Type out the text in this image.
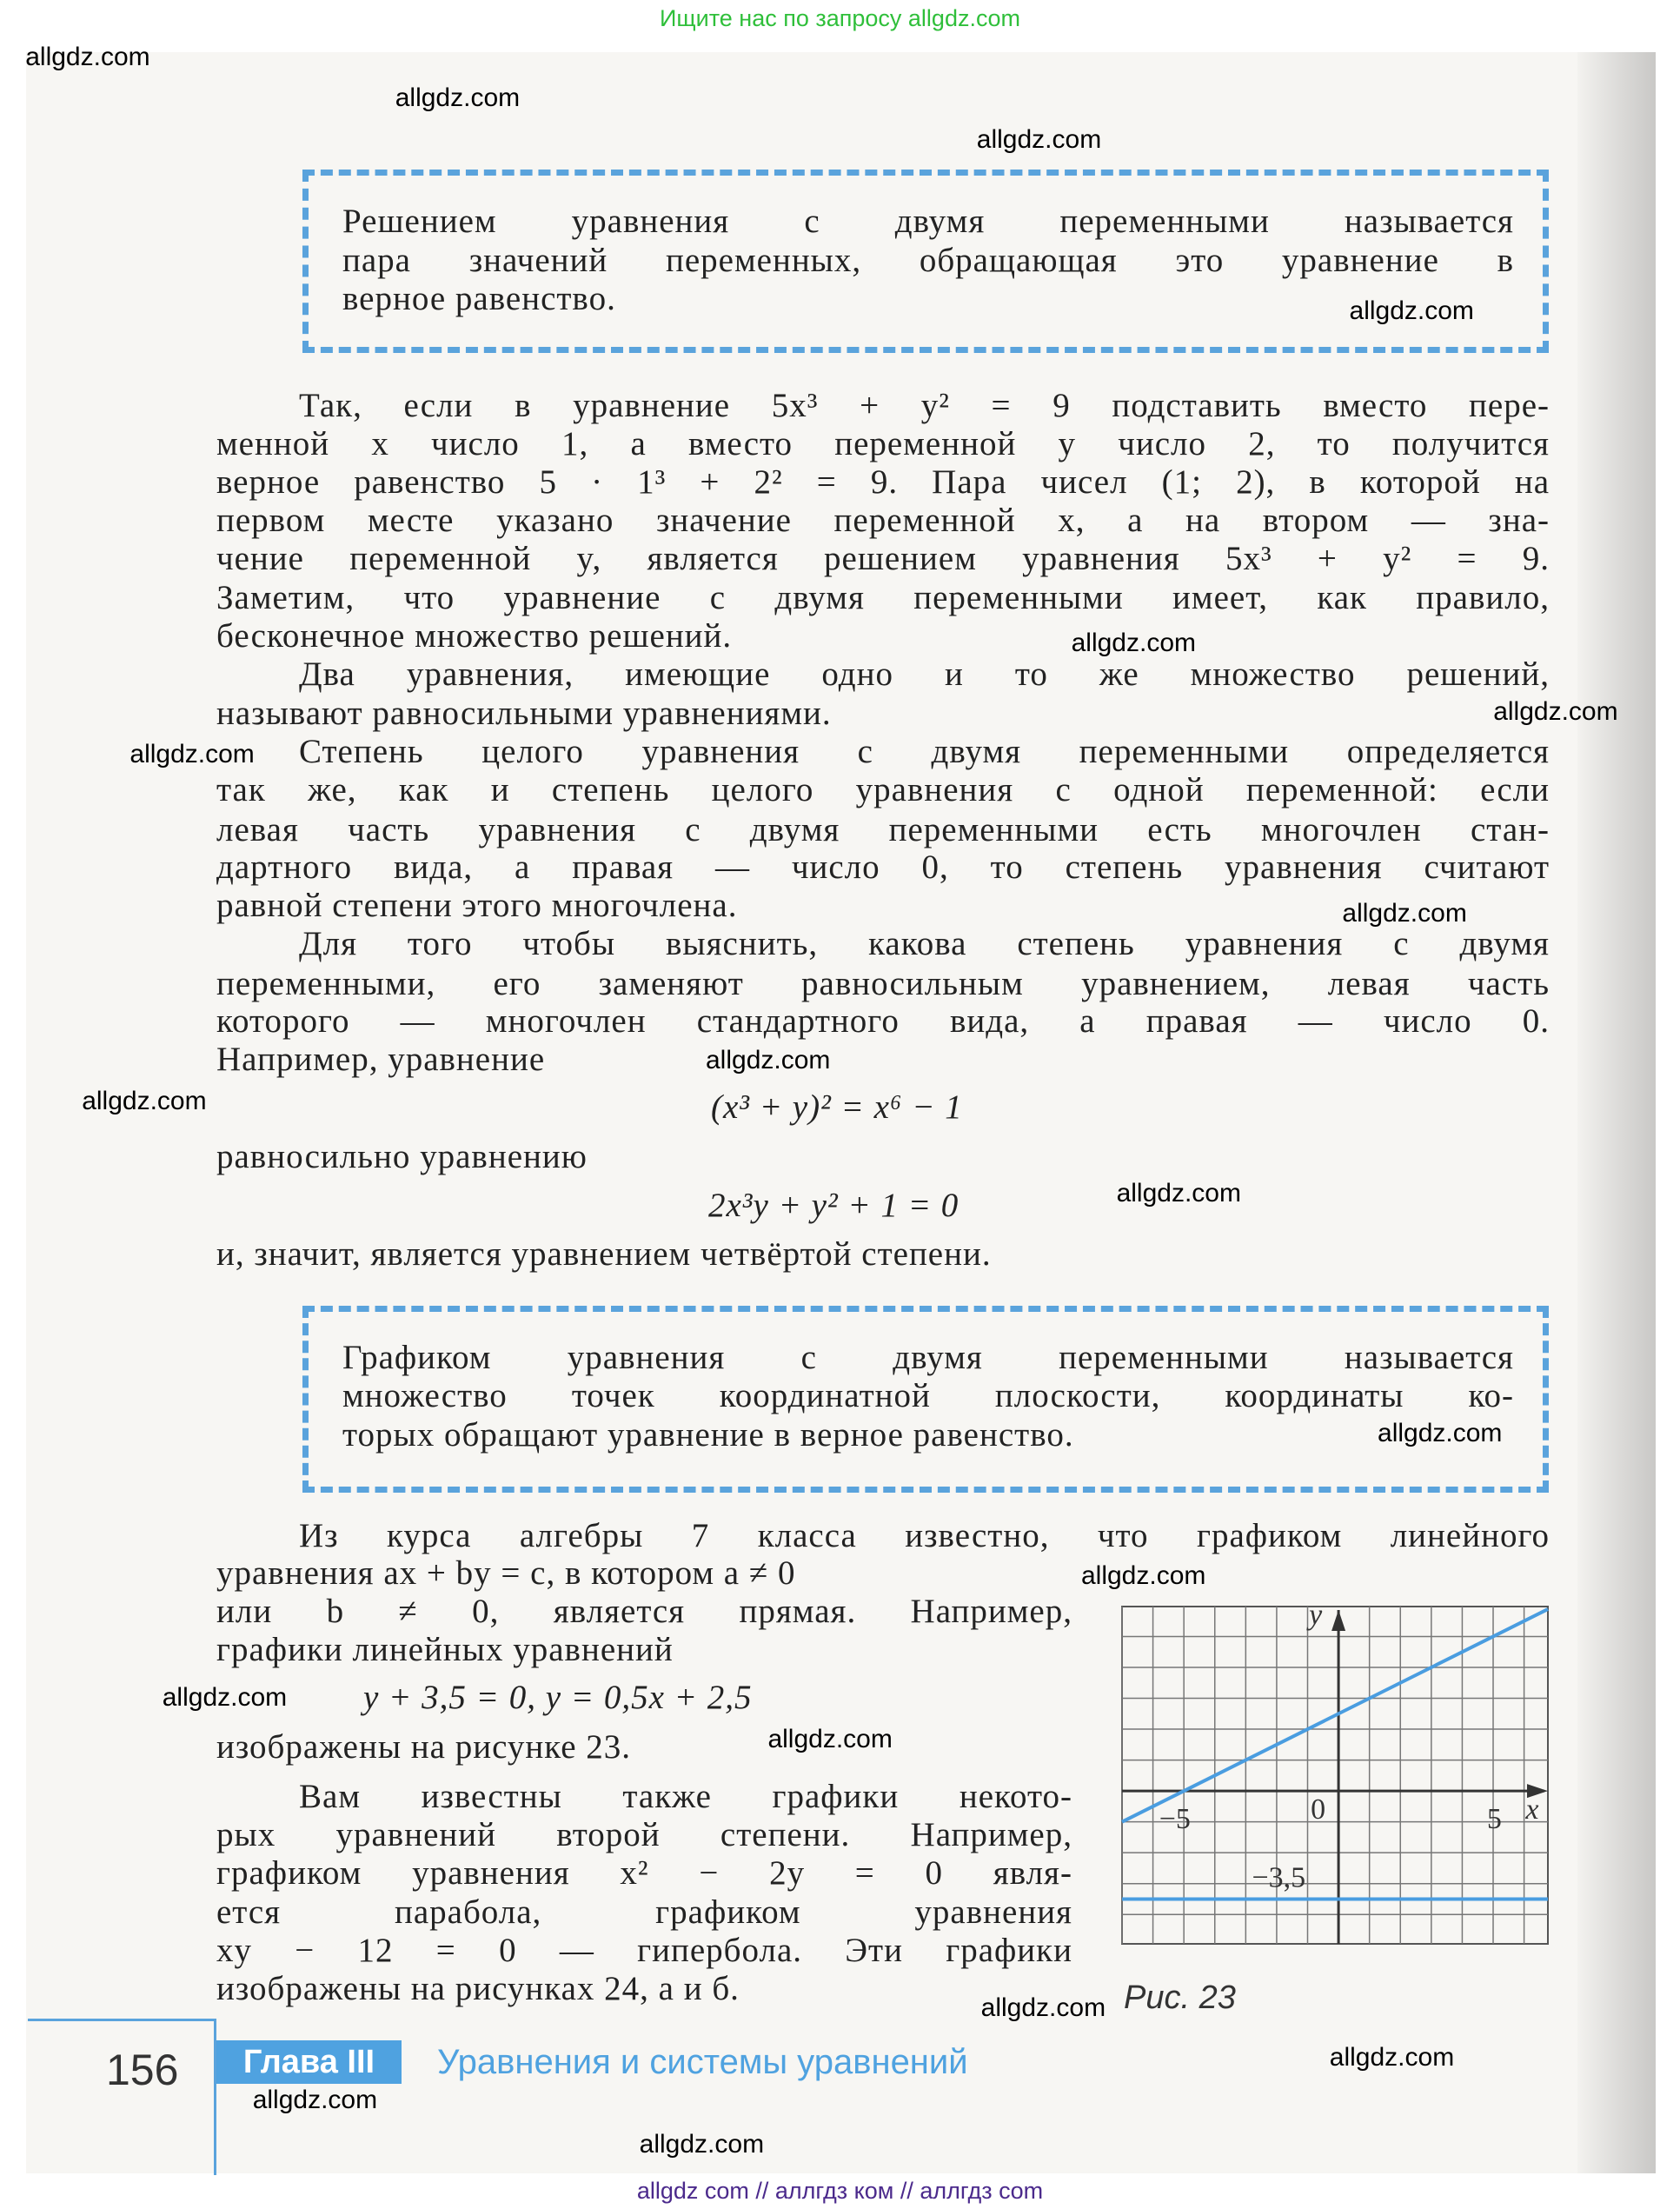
Ищите нас по запросу allgdz.com
Решением уравнения с двумя переменными называется
пара значений переменных, обращающая это уравнение в
верное равенство.
Так, если в уравнение 5x³ + y² = 9 подставить вместо пере-
менной x число 1, а вместо переменной y число 2, то получится
верное равенство 5 · 1³ + 2² = 9. Пара чисел (1; 2), в которой на
первом месте указано значение переменной x, а на втором — зна-
чение переменной y, является решением уравнения 5x³ + y² = 9.
Заметим, что уравнение с двумя переменными имеет, как правило,
бесконечное множество решений.
Два уравнения, имеющие одно и то же множество решений,
называют равносильными уравнениями.
Степень целого уравнения с двумя переменными определяется
так же, как и степень целого уравнения с одной переменной: если
левая часть уравнения с двумя переменными есть многочлен стан-
дартного вида, а правая — число 0, то степень уравнения считают
равной степени этого многочлена.
Для того чтобы выяснить, какова степень уравнения с двумя
переменными, его заменяют равносильным уравнением, левая часть
которого — многочлен стандартного вида, а правая — число 0.
Например, уравнение
(x³ + y)² = x⁶ − 1
равносильно уравнению
2x³y + y² + 1 = 0
и, значит, является уравнением четвёртой степени.
Графиком уравнения с двумя переменными называется
множество точек координатной плоскости, координаты ко-
торых обращают уравнение в верное равенство.
Из курса алгебры 7 класса известно, что графиком линейного
уравнения ax + by = c, в котором a ≠ 0
или b ≠ 0, является прямая. Например,
графики линейных уравнений
y + 3,5 = 0, y = 0,5x + 2,5
изображены на рисунке 23.
Вам известны также графики некото-
рых уравнений второй степени. Например,
графиком уравнения x² − 2y = 0 явля-
ется парабола, графиком уравнения
xy − 12 = 0 — гипербола. Эти графики
изображены на рисунках 24, а и б.
y
x
0
−5	5
−3,5
Рис. 23
156	Глава III	Уравнения и системы уравнений
allgdz com // аллгдз ком // аллгдз com
allgdz.com
allgdz.com
allgdz.com
allgdz.com
allgdz.com
allgdz.com
allgdz.com
allgdz.com
allgdz.com
allgdz.com
allgdz.com
allgdz.com
allgdz.com
allgdz.com
allgdz.com
allgdz.com
allgdz.com
allgdz.com
allgdz.com
